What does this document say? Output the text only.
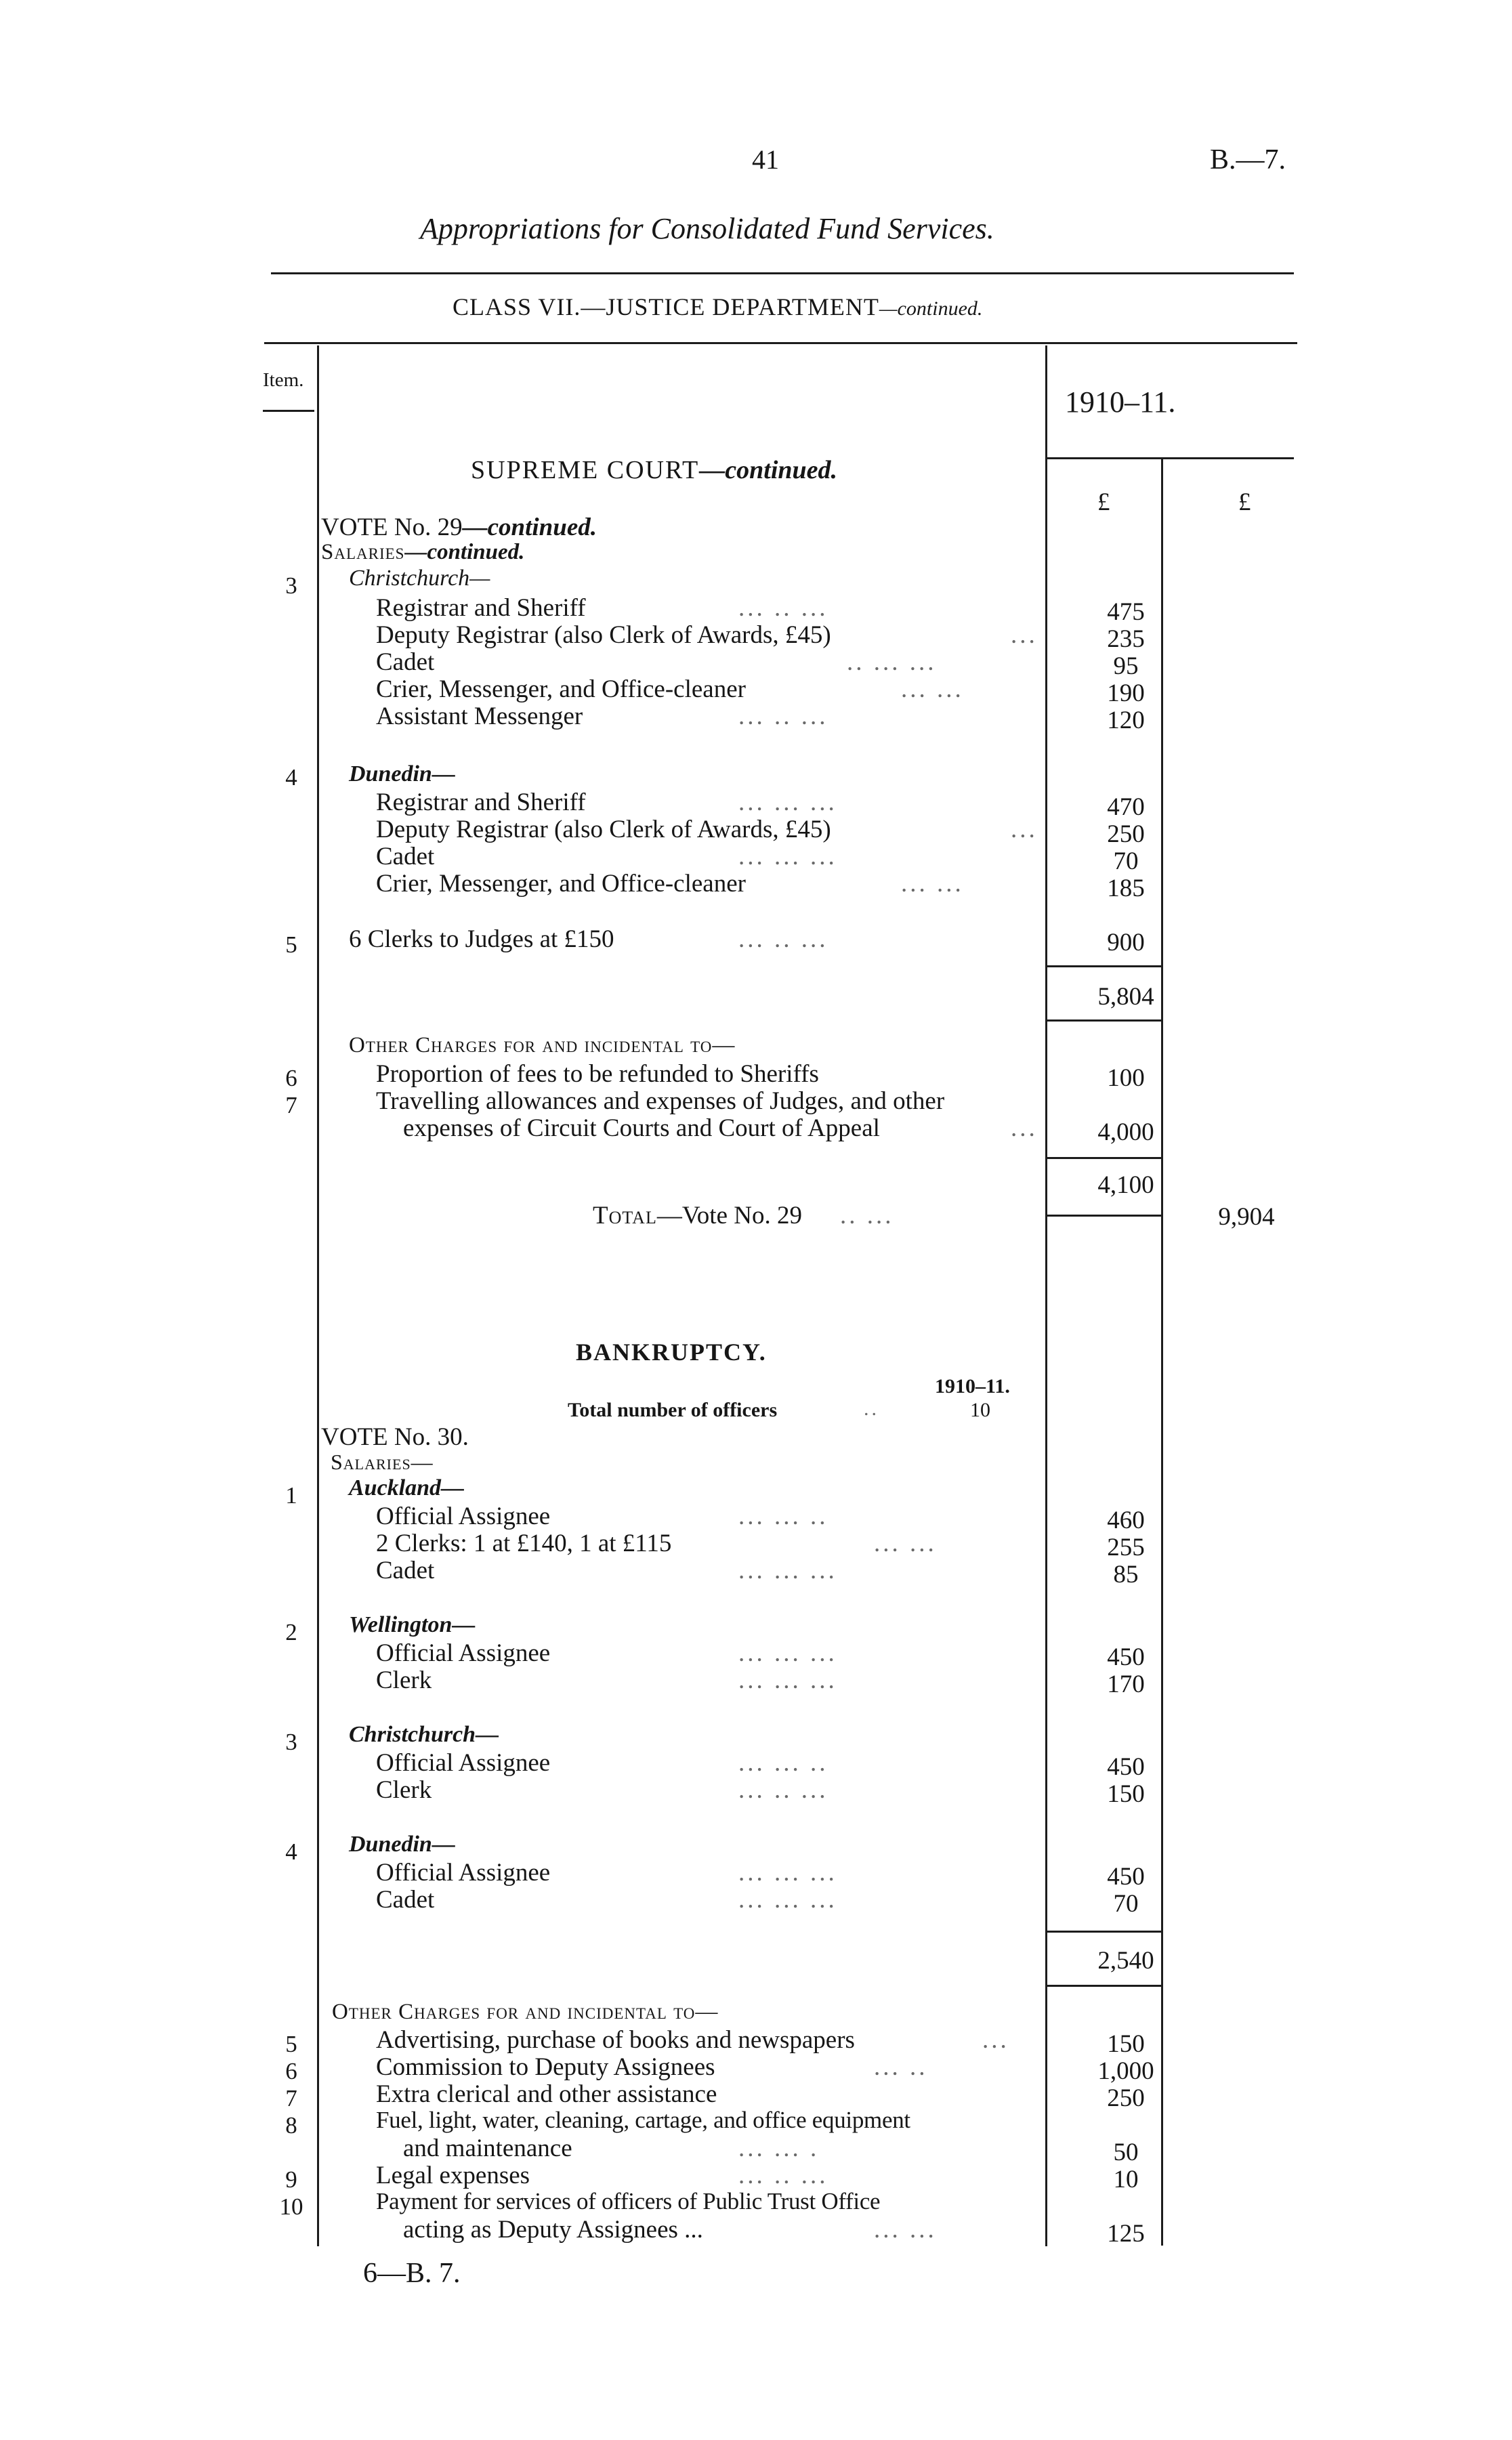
41	B.—7.
Appropriations for Consolidated Fund Services.
CLASS VII.—JUSTICE DEPARTMENT—continued.
Item.
1910–11.
£	£
SUPREME COURT—continued.
VOTE No. 29—continued.
Salaries—continued.
3	Christchurch—
Registrar and Sheriff	... .. ...	475
Deputy Registrar (also Clerk of Awards, £45)	...	235
Cadet	.. ... ...	95
Crier, Messenger, and Office-cleaner	... ...	190
Assistant Messenger	... .. ...	120
4	Dunedin—
Registrar and Sheriff	... ... ...	470
Deputy Registrar (also Clerk of Awards, £45)	...	250
Cadet	... ... ...	70
Crier, Messenger, and Office-cleaner	... ...	185
5	6 Clerks to Judges at £150	... .. ...	900
5,804
Other Charges for and incidental to—
6	Proportion of fees to be refunded to Sheriffs	100
7	Travelling allowances and expenses of Judges, and other
expenses of Circuit Courts and Court of Appeal	...	4,000
4,100
Total—Vote No. 29 .. ...	9,904
BANKRUPTCY.
1910–11.
Total number of officers	..	10
VOTE No. 30.
Salaries—
1	Auckland—
Official Assignee	... ... ..	460
2 Clerks: 1 at £140, 1 at £115	... ...	255
Cadet	... ... ...	85
2	Wellington—
Official Assignee	... ... ...	450
Clerk	... ... ...	170
3	Christchurch—
Official Assignee	... ... ..	450
Clerk	... .. ...	150
4	Dunedin—
Official Assignee	... ... ...	450
Cadet	... ... ...	70
2,540
Other Charges for and incidental to—
5	Advertising, purchase of books and newspapers	...	150
6	Commission to Deputy Assignees	... ..	1,000
7	Extra clerical and other assistance	250
8	Fuel, light, water, cleaning, cartage, and office equipment
and maintenance	... ... .	50
9	Legal expenses	... .. ...	10
10	Payment for services of officers of Public Trust Office
acting as Deputy Assignees ...	... ...	125
6—B. 7.
